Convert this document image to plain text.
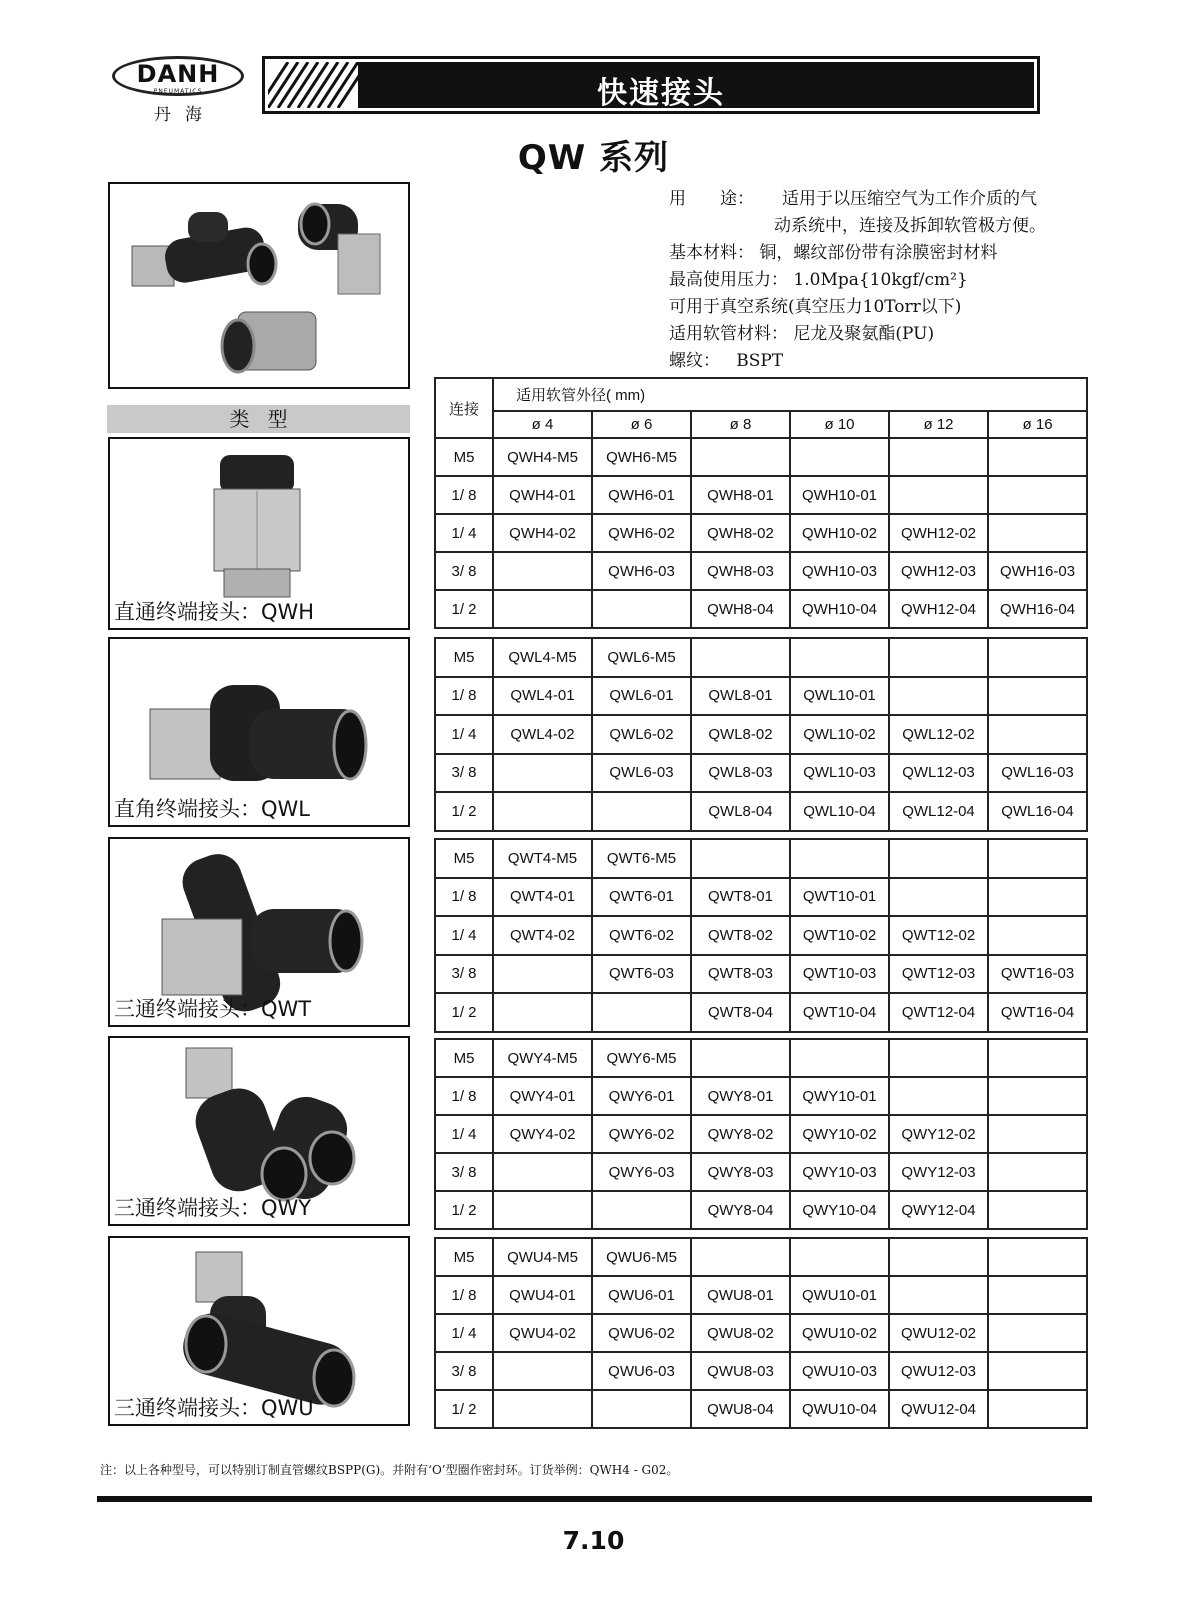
DANH
PNEUMATICS
丹海
快速接头
QW 系列
用　　途： 适用于以压缩空气为工作介质的气
动系统中，连接及拆卸软管极方便。
基本材料： 铜，螺纹部份带有涂膜密封材料
最高使用压力： 1.0Mpa{10kgf/cm²}
可用于真空系统(真空压力10Torr以下)
适用软管材料： 尼龙及聚氨酯(PU)
螺纹： BSPT
类型
直通终端接头：QWH
直角终端接头：QWL
三通终端接头：QWT
三通终端接头：QWY
三通终端接头：QWU
连接	适用软管外径( mm)					
	ø 4	ø 6	ø 8	ø 10	ø 12	ø 16
M5	QWH4-M5	QWH6-M5				
1/ 8	QWH4-01	QWH6-01	QWH8-01	QWH10-01		
1/ 4	QWH4-02	QWH6-02	QWH8-02	QWH10-02	QWH12-02	
3/ 8		QWH6-03	QWH8-03	QWH10-03	QWH12-03	QWH16-03
1/ 2			QWH8-04	QWH10-04	QWH12-04	QWH16-04
M5	QWL4-M5	QWL6-M5				
1/ 8	QWL4-01	QWL6-01	QWL8-01	QWL10-01		
1/ 4	QWL4-02	QWL6-02	QWL8-02	QWL10-02	QWL12-02	
3/ 8		QWL6-03	QWL8-03	QWL10-03	QWL12-03	QWL16-03
1/ 2			QWL8-04	QWL10-04	QWL12-04	QWL16-04
M5	QWT4-M5	QWT6-M5				
1/ 8	QWT4-01	QWT6-01	QWT8-01	QWT10-01		
1/ 4	QWT4-02	QWT6-02	QWT8-02	QWT10-02	QWT12-02	
3/ 8		QWT6-03	QWT8-03	QWT10-03	QWT12-03	QWT16-03
1/ 2			QWT8-04	QWT10-04	QWT12-04	QWT16-04
M5	QWY4-M5	QWY6-M5				
1/ 8	QWY4-01	QWY6-01	QWY8-01	QWY10-01		
1/ 4	QWY4-02	QWY6-02	QWY8-02	QWY10-02	QWY12-02	
3/ 8		QWY6-03	QWY8-03	QWY10-03	QWY12-03	
1/ 2			QWY8-04	QWY10-04	QWY12-04	
M5	QWU4-M5	QWU6-M5				
1/ 8	QWU4-01	QWU6-01	QWU8-01	QWU10-01		
1/ 4	QWU4-02	QWU6-02	QWU8-02	QWU10-02	QWU12-02	
3/ 8		QWU6-03	QWU8-03	QWU10-03	QWU12-03	
1/ 2			QWU8-04	QWU10-04	QWU12-04	
注：以上各种型号，可以特别订制直管螺纹BSPP(G)。并附有‘O’型圈作密封环。订货举例：QWH4 - G02。
7.10
